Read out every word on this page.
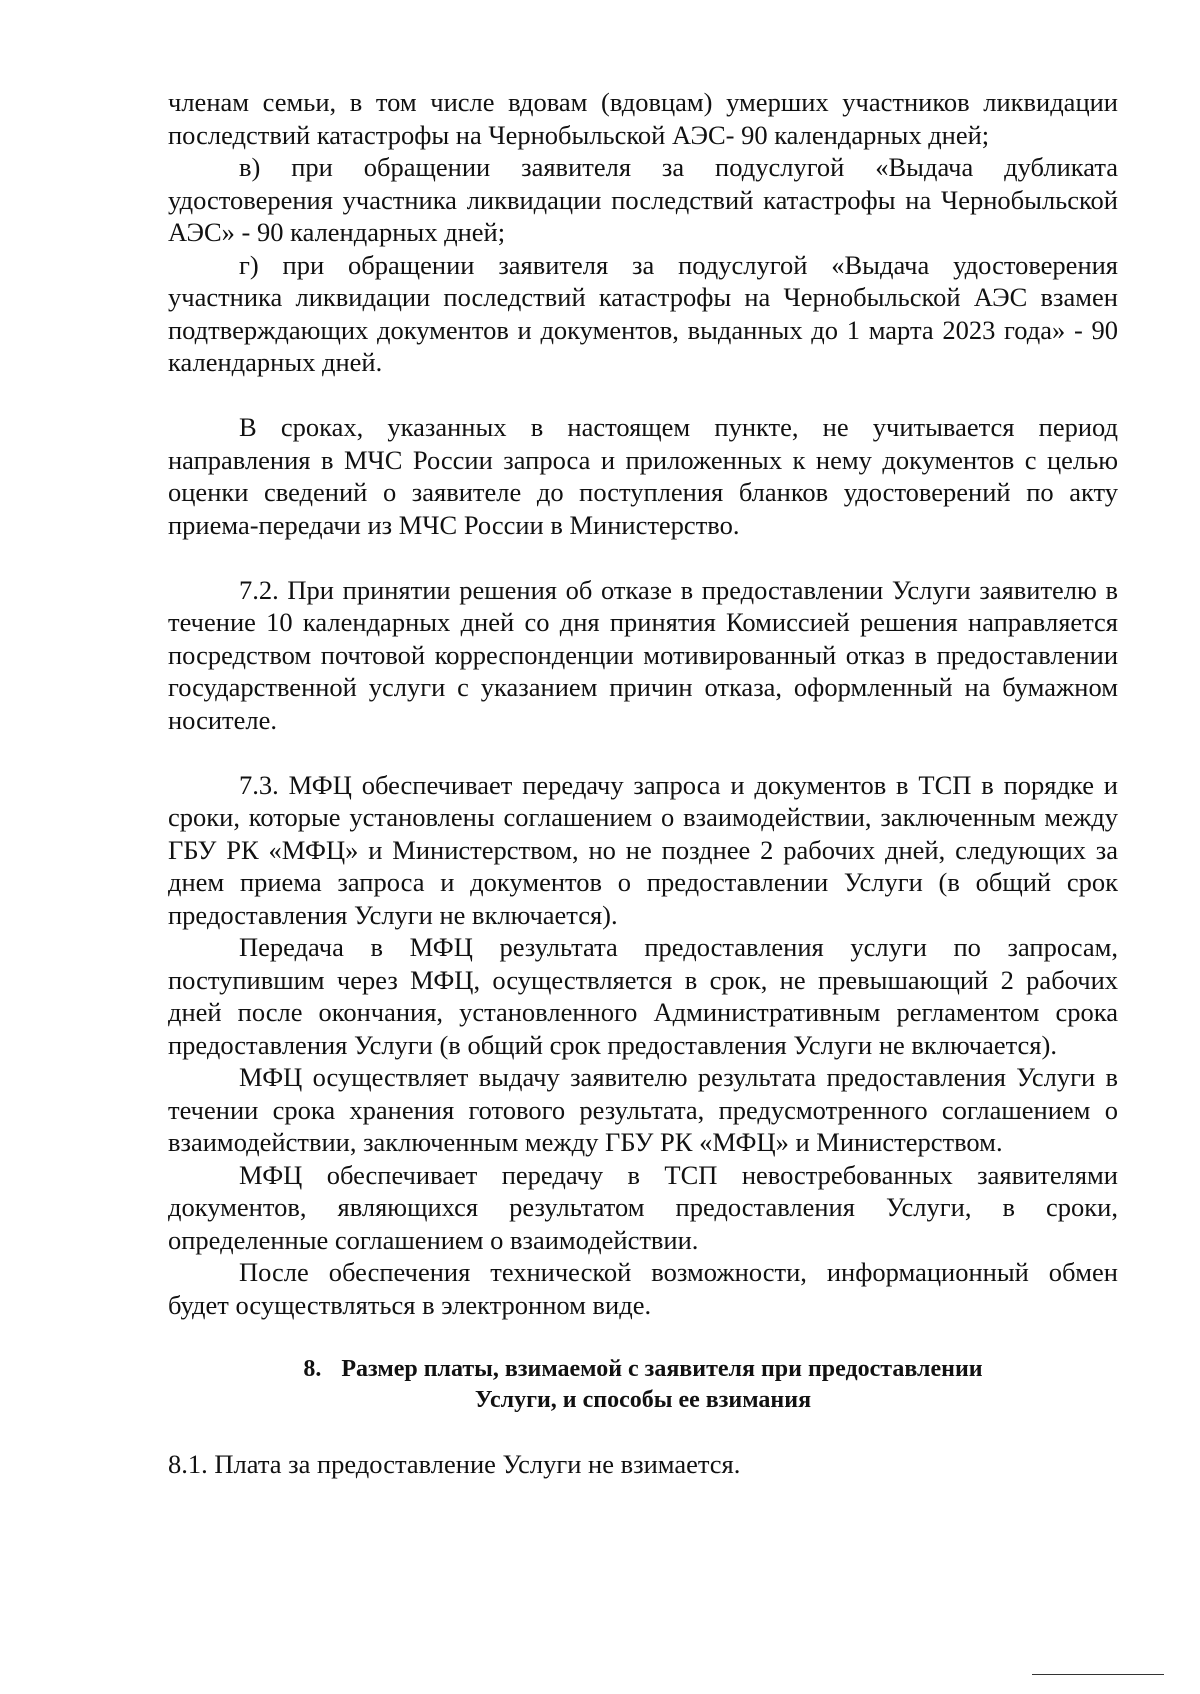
членам семьи, в том числе вдовам (вдовцам) умерших участников ликвидации последствий катастрофы на Чернобыльской АЭС- 90 календарных дней;

в) при обращении заявителя за подуслугой «Выдача дубликата удостоверения участника ликвидации последствий катастрофы на Чернобыльской АЭС» - 90 календарных дней;

г) при обращении заявителя за подуслугой «Выдача удостоверения участника ликвидации последствий катастрофы на Чернобыльской АЭС взамен подтверждающих документов и документов, выданных до 1 марта 2023 года» - 90 календарных дней.

В сроках, указанных в настоящем пункте, не учитывается период направления в МЧС России запроса и приложенных к нему документов с целью оценки сведений о заявителе до поступления бланков удостоверений по акту приема-передачи из МЧС России в Министерство.

7.2. При принятии решения об отказе в предоставлении Услуги заявителю в течение 10 календарных дней со дня принятия Комиссией решения направляется посредством почтовой корреспонденции мотивированный отказ в предоставлении государственной услуги с указанием причин отказа, оформленный на бумажном носителе.

7.3. МФЦ обеспечивает передачу запроса и документов в ТСП в порядке и сроки, которые установлены соглашением о взаимодействии, заключенным между ГБУ РК «МФЦ» и Министерством, но не позднее 2 рабочих дней, следующих за днем приема запроса и документов о предоставлении Услуги (в общий срок предоставления Услуги не включается).

Передача в МФЦ результата предоставления услуги по запросам, поступившим через МФЦ, осуществляется в срок, не превышающий 2 рабочих дней после окончания, установленного Административным регламентом срока предоставления Услуги (в общий срок предоставления Услуги не включается).

МФЦ осуществляет выдачу заявителю результата предоставления Услуги в течении срока хранения готового результата, предусмотренного соглашением о взаимодействии, заключенным между ГБУ РК «МФЦ» и Министерством.

МФЦ обеспечивает передачу в ТСП невостребованных заявителями документов, являющихся результатом предоставления Услуги, в сроки, определенные соглашением о взаимодействии.

После обеспечения технической возможности, информационный обмен будет осуществляться в электронном виде.

8. Размер платы, взимаемой с заявителя при предоставлении
Услуги, и способы ее взимания

8.1. Плата за предоставление Услуги не взимается.
